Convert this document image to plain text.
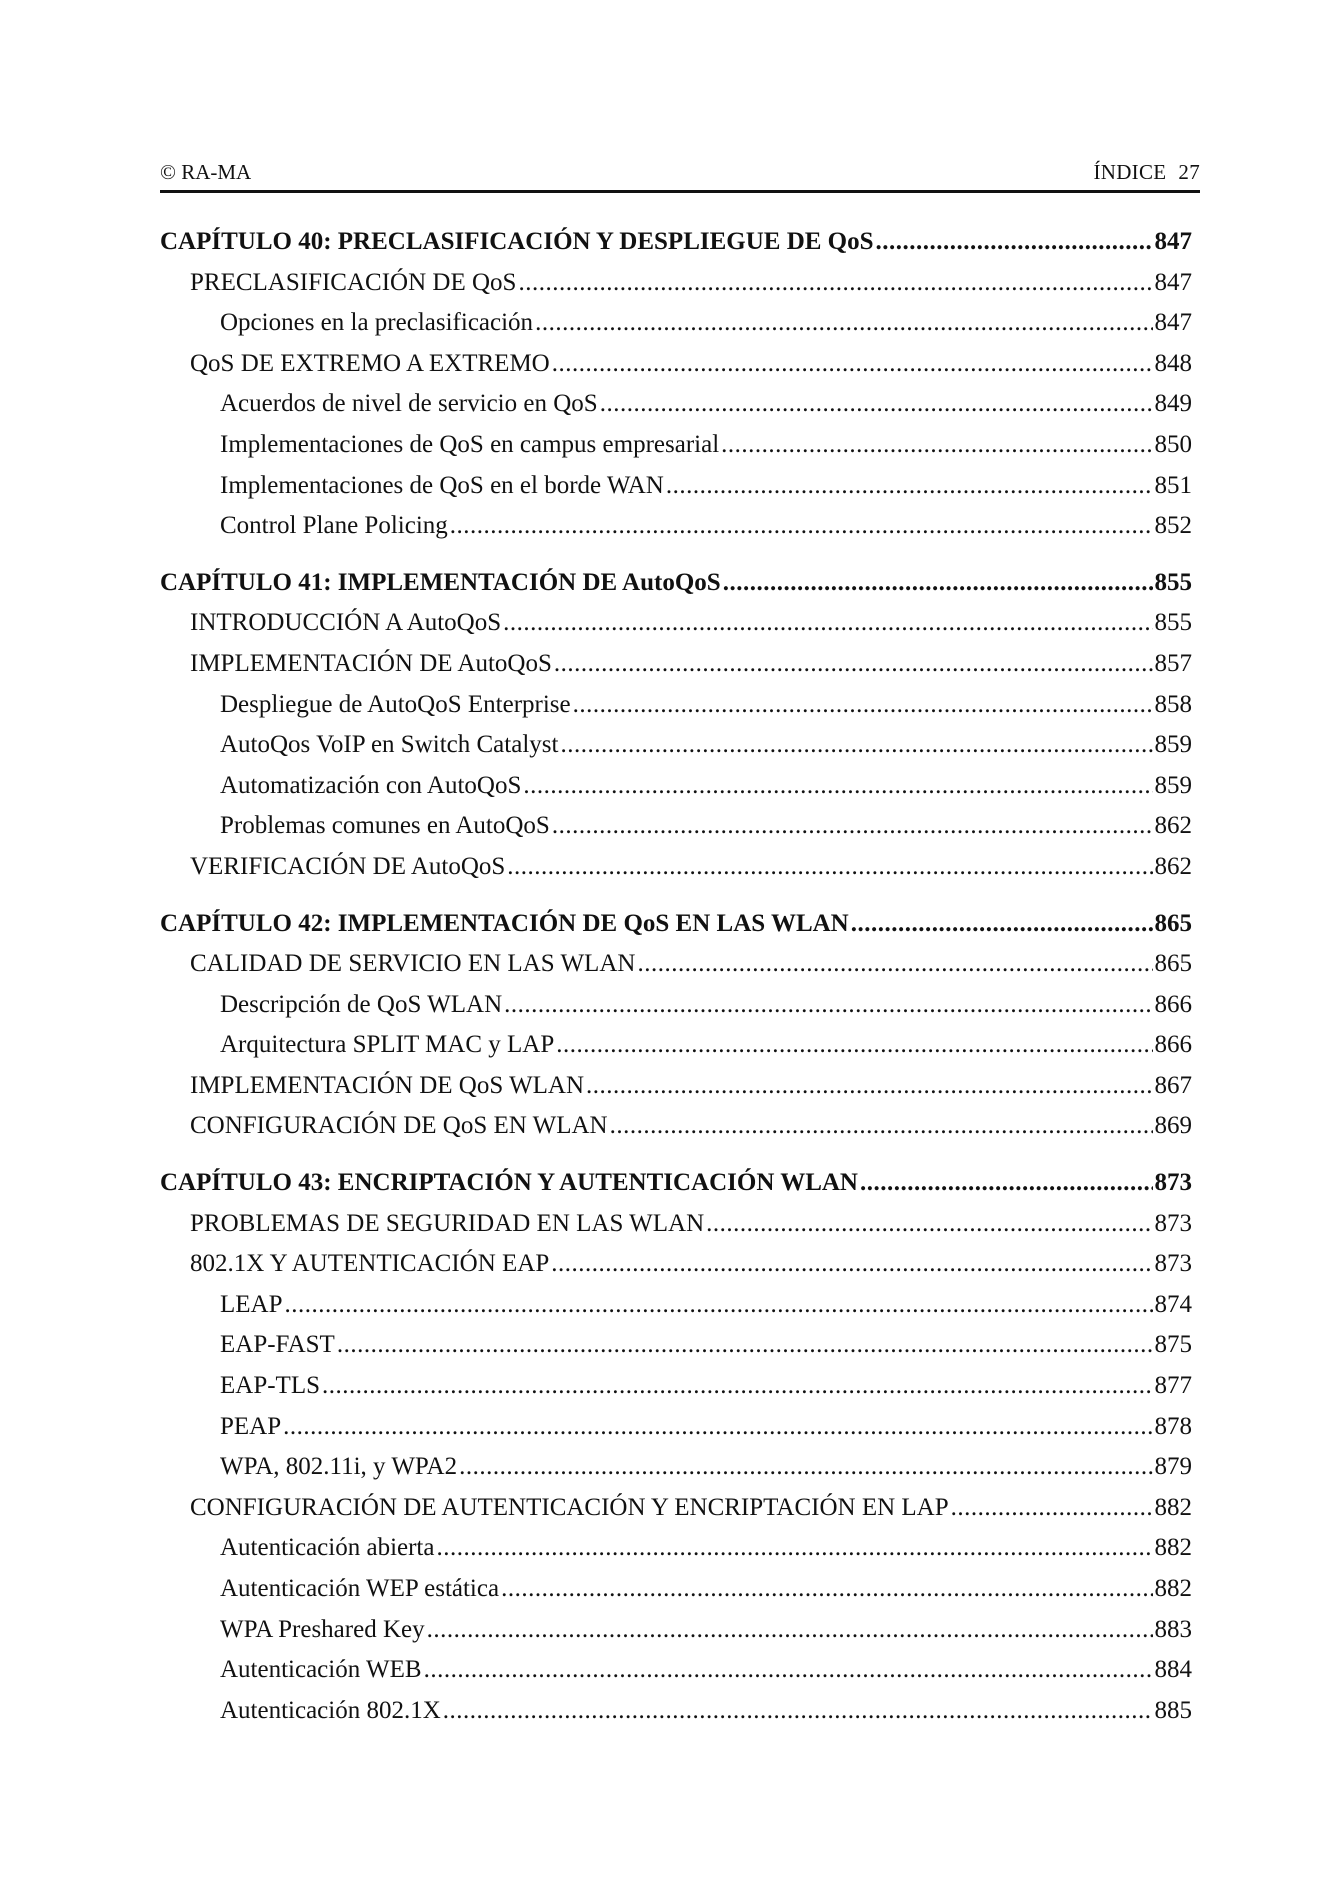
© RA-MA	ÍNDICE 27
CAPÍTULO 40: PRECLASIFICACIÓN Y DESPLIEGUE DE QoS .....	847
PRECLASIFICACIÓN DE QoS .....	847
Opciones en la preclasificación .....	847
QoS DE EXTREMO A EXTREMO .....	848
Acuerdos de nivel de servicio en QoS .....	849
Implementaciones de QoS en campus empresarial .....	850
Implementaciones de QoS en el borde WAN .....	851
Control Plane Policing .....	852
CAPÍTULO 41: IMPLEMENTACIÓN DE AutoQoS .....	855
INTRODUCCIÓN A AutoQoS .....	855
IMPLEMENTACIÓN DE AutoQoS .....	857
Despliegue de AutoQoS Enterprise .....	858
AutoQos VoIP en Switch Catalyst .....	859
Automatización con AutoQoS .....	859
Problemas comunes en AutoQoS .....	862
VERIFICACIÓN DE AutoQoS .....	862
CAPÍTULO 42: IMPLEMENTACIÓN DE QoS EN LAS WLAN .....	865
CALIDAD DE SERVICIO EN LAS WLAN .....	865
Descripción de QoS WLAN .....	866
Arquitectura SPLIT MAC y LAP .....	866
IMPLEMENTACIÓN DE QoS WLAN .....	867
CONFIGURACIÓN DE QoS EN WLAN .....	869
CAPÍTULO 43: ENCRIPTACIÓN Y AUTENTICACIÓN WLAN .....	873
PROBLEMAS DE SEGURIDAD EN LAS WLAN .....	873
802.1X Y AUTENTICACIÓN EAP .....	873
LEAP .....	874
EAP-FAST .....	875
EAP-TLS .....	877
PEAP .....	878
WPA, 802.11i, y WPA2 .....	879
CONFIGURACIÓN DE AUTENTICACIÓN Y ENCRIPTACIÓN EN LAP .....	882
Autenticación abierta .....	882
Autenticación WEP estática .....	882
WPA Preshared Key .....	883
Autenticación WEB .....	884
Autenticación 802.1X .....	885
